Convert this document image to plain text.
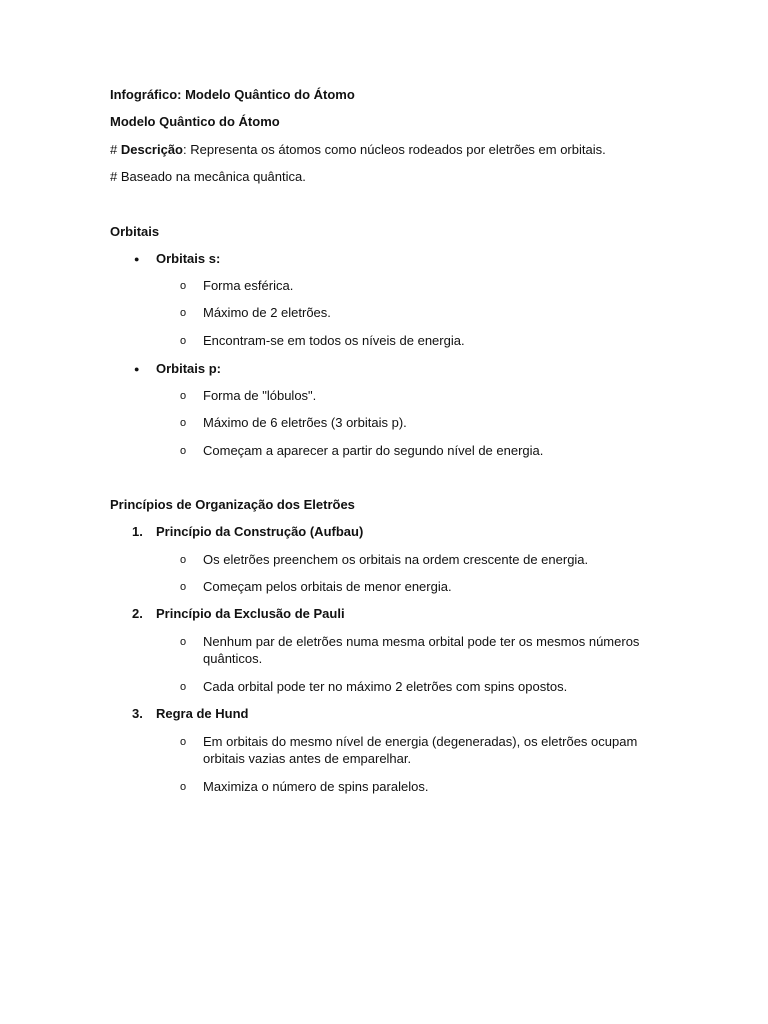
Infográfico: Modelo Quântico do Átomo
Modelo Quântico do Átomo
# Descrição: Representa os átomos como núcleos rodeados por eletrões em orbitais.
# Baseado na mecânica quântica.
Orbitais
● Orbitais s:
o Forma esférica.
o Máximo de 2 eletrões.
o Encontram-se em todos os níveis de energia.
● Orbitais p:
o Forma de "lóbulos".
o Máximo de 6 eletrões (3 orbitais p).
o Começam a aparecer a partir do segundo nível de energia.
Princípios de Organização dos Eletrões
1. Princípio da Construção (Aufbau)
o Os eletrões preenchem os orbitais na ordem crescente de energia.
o Começam pelos orbitais de menor energia.
2. Princípio da Exclusão de Pauli
o Nenhum par de eletrões numa mesma orbital pode ter os mesmos números quânticos.
o Cada orbital pode ter no máximo 2 eletrões com spins opostos.
3. Regra de Hund
o Em orbitais do mesmo nível de energia (degeneradas), os eletrões ocupam orbitais vazias antes de emparelhar.
o Maximiza o número de spins paralelos.
